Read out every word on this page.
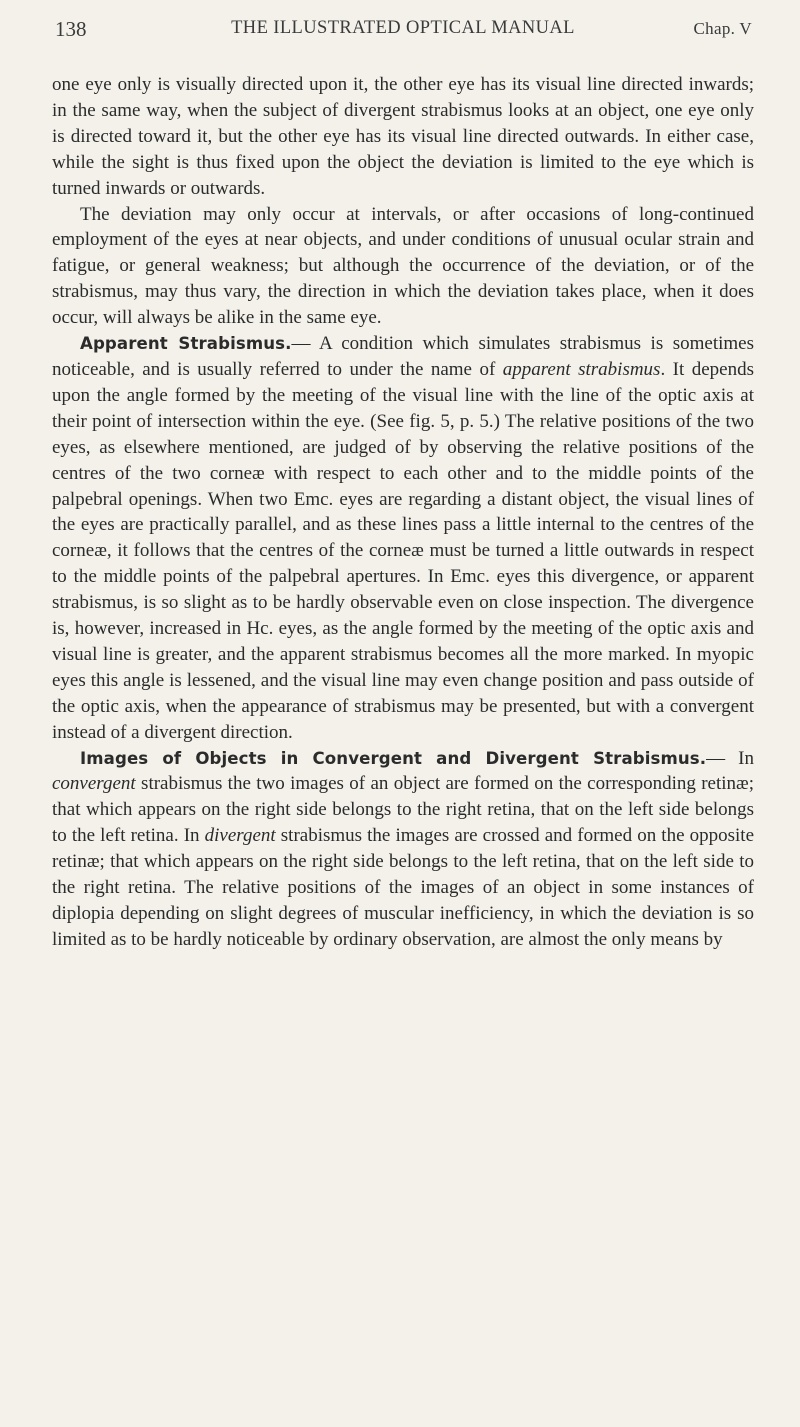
138	THE ILLUSTRATED OPTICAL MANUAL	Chap. V

one eye only is visually directed upon it, the other eye has its visual line directed inwards; in the same way, when the subject of divergent strabismus looks at an object, one eye only is directed toward it, but the other eye has its visual line directed outwards. In either case, while the sight is thus fixed upon the object the deviation is limited to the eye which is turned inwards or outwards.

The deviation may only occur at intervals, or after occasions of long-continued employment of the eyes at near objects, and under conditions of unusual ocular strain and fatigue, or general weakness; but although the occurrence of the deviation, or of the strabismus, may thus vary, the direction in which the deviation takes place, when it does occur, will always be alike in the same eye.

Apparent Strabismus.— A condition which simulates strabismus is sometimes noticeable, and is usually referred to under the name of apparent strabismus. It depends upon the angle formed by the meeting of the visual line with the line of the optic axis at their point of intersection within the eye. (See fig. 5, p. 5.) The relative positions of the two eyes, as elsewhere mentioned, are judged of by observing the relative positions of the centres of the two corneæ with respect to each other and to the middle points of the palpebral openings. When two Emc. eyes are regarding a distant object, the visual lines of the eyes are practically parallel, and as these lines pass a little internal to the centres of the corneæ, it follows that the centres of the corneæ must be turned a little outwards in respect to the middle points of the palpebral apertures. In Emc. eyes this divergence, or apparent strabismus, is so slight as to be hardly observable even on close inspection. The divergence is, however, increased in Hc. eyes, as the angle formed by the meeting of the optic axis and visual line is greater, and the apparent strabismus becomes all the more marked. In myopic eyes this angle is lessened, and the visual line may even change position and pass outside of the optic axis, when the appearance of strabismus may be presented, but with a convergent instead of a divergent direction.

Images of Objects in Convergent and Divergent Strabismus.— In convergent strabismus the two images of an object are formed on the corresponding retinæ; that which appears on the right side belongs to the right retina, that on the left side belongs to the left retina. In divergent strabismus the images are crossed and formed on the opposite retinæ; that which appears on the right side belongs to the left retina, that on the left side to the right retina. The relative positions of the images of an object in some instances of diplopia depending on slight degrees of muscular inefficiency, in which the deviation is so limited as to be hardly noticeable by ordinary observation, are almost the only means by
